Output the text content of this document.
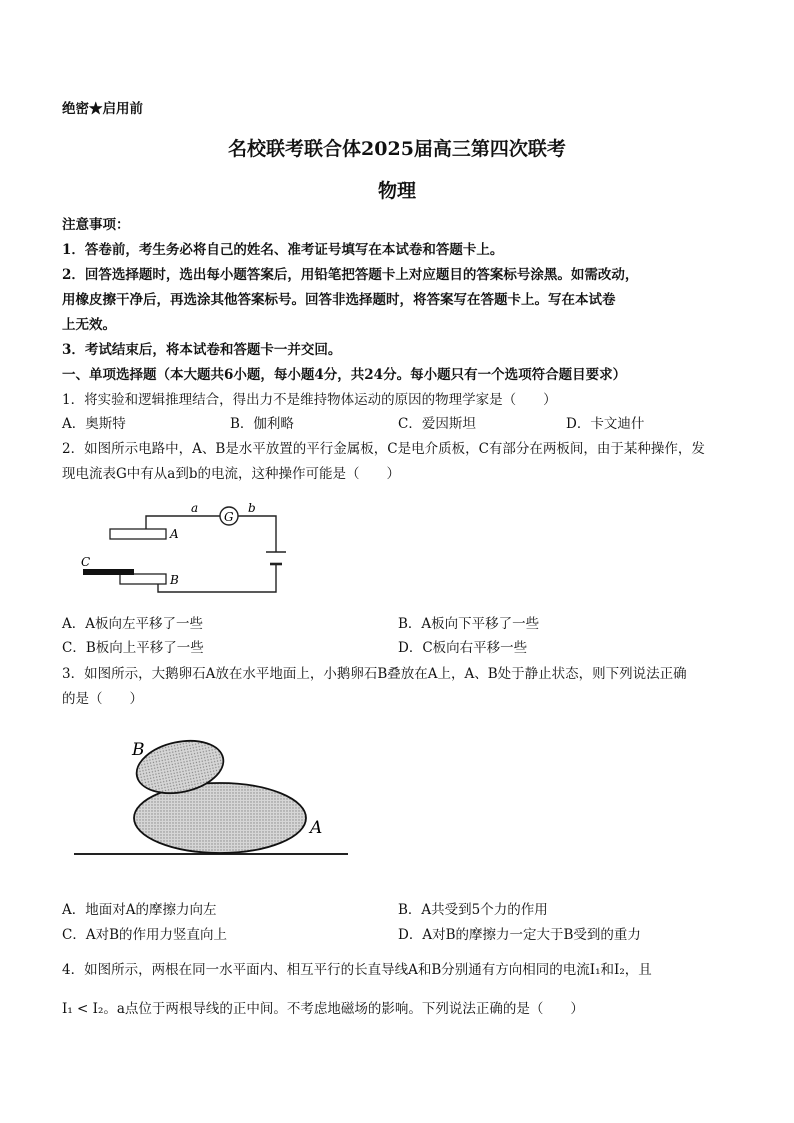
绝密★启用前
名校联考联合体2025届高三第四次联考
物理
注意事项：
1．答卷前，考生务必将自己的姓名、准考证号填写在本试卷和答题卡上。
2．回答选择题时，选出每小题答案后，用铅笔把答题卡上对应题目的答案标号涂黑。如需改动，
用橡皮擦干净后，再选涂其他答案标号。回答非选择题时，将答案写在答题卡上。写在本试卷
上无效。
3．考试结束后，将本试卷和答题卡一并交回。
一、单项选择题（本大题共6小题，每小题4分，共24分。每小题只有一个选项符合题目要求）
1．将实验和逻辑推理结合，得出力不是维持物体运动的原因的物理学家是（　　）
A．奥斯特	B．伽利略	C．爱因斯坦	D．卡文迪什
2．如图所示电路中，A、B是水平放置的平行金属板，C是电介质板，C有部分在两板间，由于某种操作，发
现电流表G中有从a到b的电流，这种操作可能是（　　）
G
A
B
C
a	b
A．A板向左平移了一些	B．A板向下平移了一些
C．B板向上平移了一些	D．C板向右平移一些
3．如图所示，大鹅卵石A放在水平地面上，小鹅卵石B叠放在A上，A、B处于静止状态，则下列说法正确
的是（　　）
A
B
A．地面对A的摩擦力向左	B．A共受到5个力的作用
C．A对B的作用力竖直向上	D．A对B的摩擦力一定大于B受到的重力
4．如图所示，两根在同一水平面内、相互平行的长直导线A和B分别通有方向相同的电流I₁和I₂，且
I₁ < I₂。a点位于两根导线的正中间。不考虑地磁场的影响。下列说法正确的是（　　）
